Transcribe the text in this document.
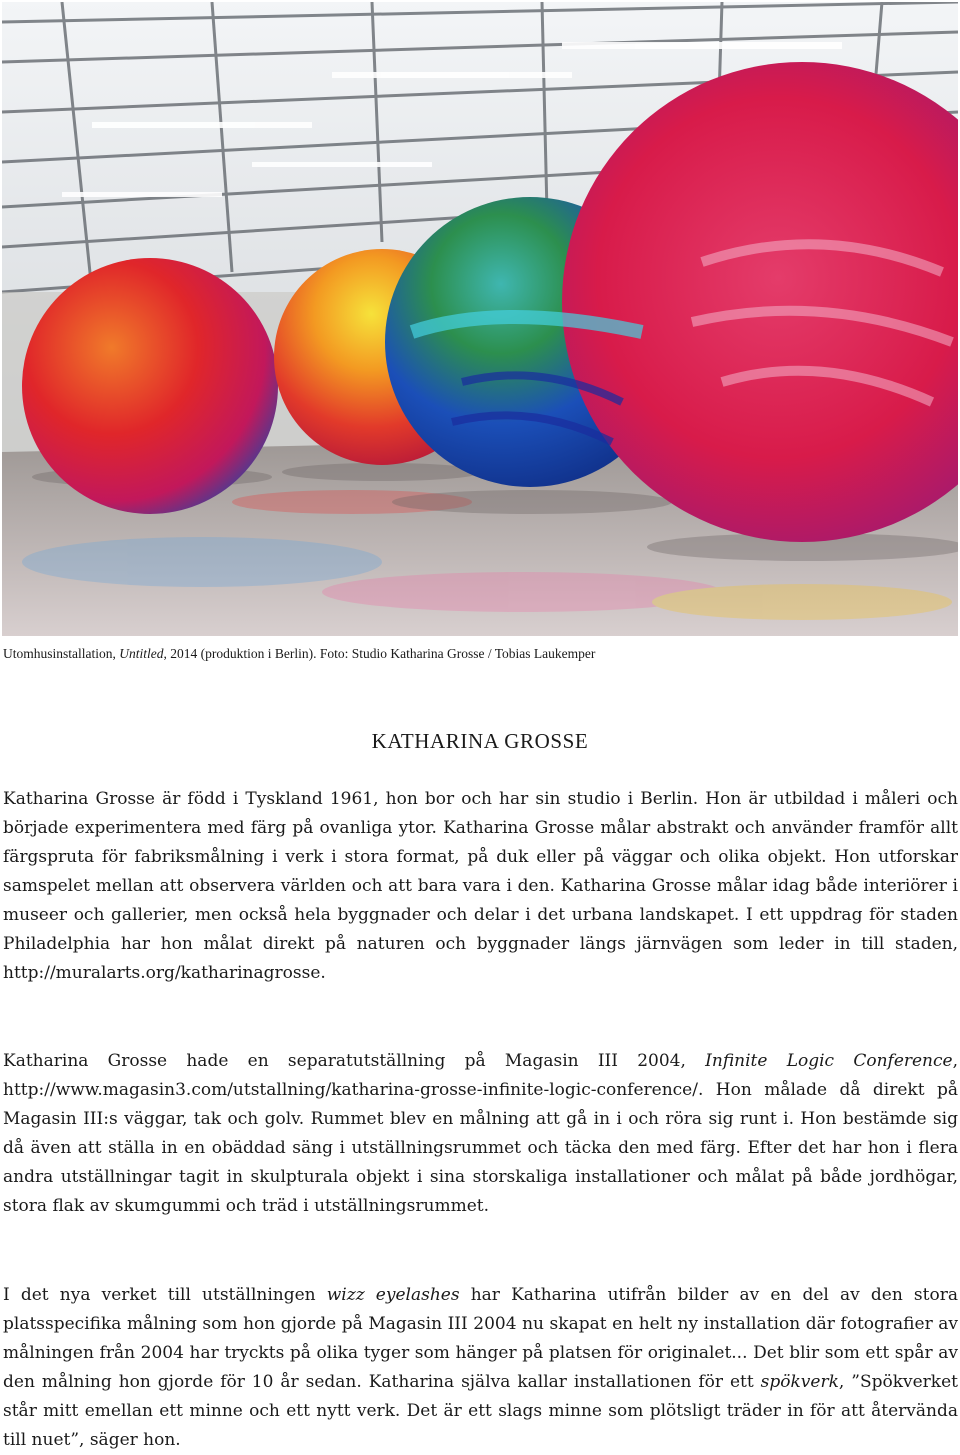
Utomhusinstallation, Untitled, 2014 (produktion i Berlin). Foto: Studio Katharina Grosse / Tobias Laukemper
KATHARINA GROSSE

Katharina Grosse är född i Tyskland 1961, hon bor och har sin studio i Berlin. Hon är utbildad i måleri och började experimentera med färg på ovanliga ytor. Katharina Grosse målar abstrakt och använder framför allt färgspruta för fabriksmålning i verk i stora format, på duk eller på väggar och olika objekt. Hon utforskar samspelet mellan att observera världen och att bara vara i den. Katharina Grosse målar idag både interiörer i museer och gallerier, men också hela byggnader och delar i det urbana landskapet. I ett uppdrag för staden Philadelphia har hon målat direkt på naturen och byggnader längs järnvägen som leder in till staden, http://muralarts.org/katharinagrosse.

Katharina Grosse hade en separatutställning på Magasin III 2004, Infinite Logic Conference, http://www.magasin3.com/utstallning/katharina-grosse-infinite-logic-conference/. Hon målade då direkt på Magasin III:s väggar, tak och golv. Rummet blev en målning att gå in i och röra sig runt i. Hon bestämde sig då även att ställa in en obäddad säng i utställningsrummet och täcka den med färg. Efter det har hon i flera andra utställningar tagit in skulpturala objekt i sina storskaliga installationer och målat på både jordhögar, stora flak av skumgummi och träd i utställningsrummet.

I det nya verket till utställningen wizz eyelashes har Katharina utifrån bilder av en del av den stora platsspecifika målning som hon gjorde på Magasin III 2004 nu skapat en helt ny installation där fotografier av målningen från 2004 har tryckts på olika tyger som hänger på platsen för originalet... Det blir som ett spår av den målning hon gjorde för 10 år sedan. Katharina själva kallar installationen för ett spökverk, ”Spökverket står mitt emellan ett minne och ett nytt verk. Det är ett slags minne som plötsligt träder in för att återvända till nuet”, säger hon.
